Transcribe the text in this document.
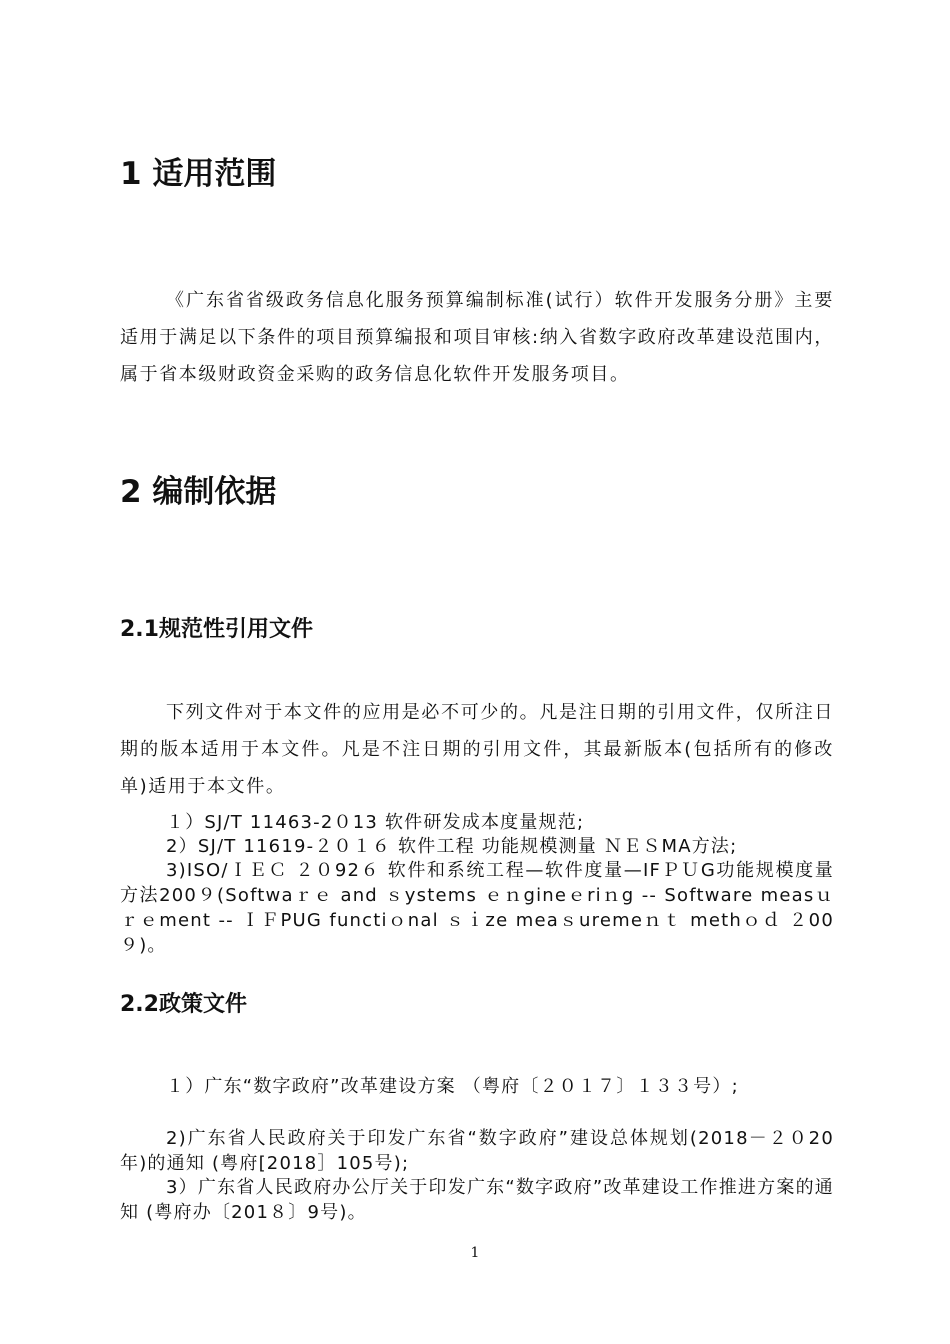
1 适用范围

《广东省省级政务信息化服务预算编制标准(试行）软件开发服务分册》主要适用于满足以下条件的项目预算编报和项目审核:纳入省数字政府改革建设范围内，属于省本级财政资金采购的政务信息化软件开发服务项目。

2 编制依据
2.1规范性引用文件

下列文件对于本文件的应用是必不可少的。凡是注日期的引用文件，仅所注日期的版本适用于本文件。凡是不注日期的引用文件，其最新版本(包括所有的修改单)适用于本文件。

１）SJ/T 11463-2０13 软件研发成本度量规范;

2）SJ/T 11619-２０１６ 软件工程 功能规模测量 ＮＥＳMA方法;

3)ISO/ＩＥＣ ２０92６ 软件和系统工程—软件度量—IFＰＵG功能规模度量方法200９(Softwaｒｅ and ｓystems ｅｎgineｅriｎg -- Software measｕｒｅment -- ＩＦPUG functiｏnal ｓｉze meaｓuremeｎｔ methｏｄ ２00９)。

2.2政策文件

１）广东“数字政府”改革建设方案 （粤府〔２０１７〕１３３号）;

2)广东省人民政府关于印发广东省“数字政府”建设总体规划(2018－２０20年)的通知 (粤府[2018］105号);

3）广东省人民政府办公厅关于印发广东“数字政府”改革建设工作推进方案的通知 (粤府办〔201８〕9号)。

1
